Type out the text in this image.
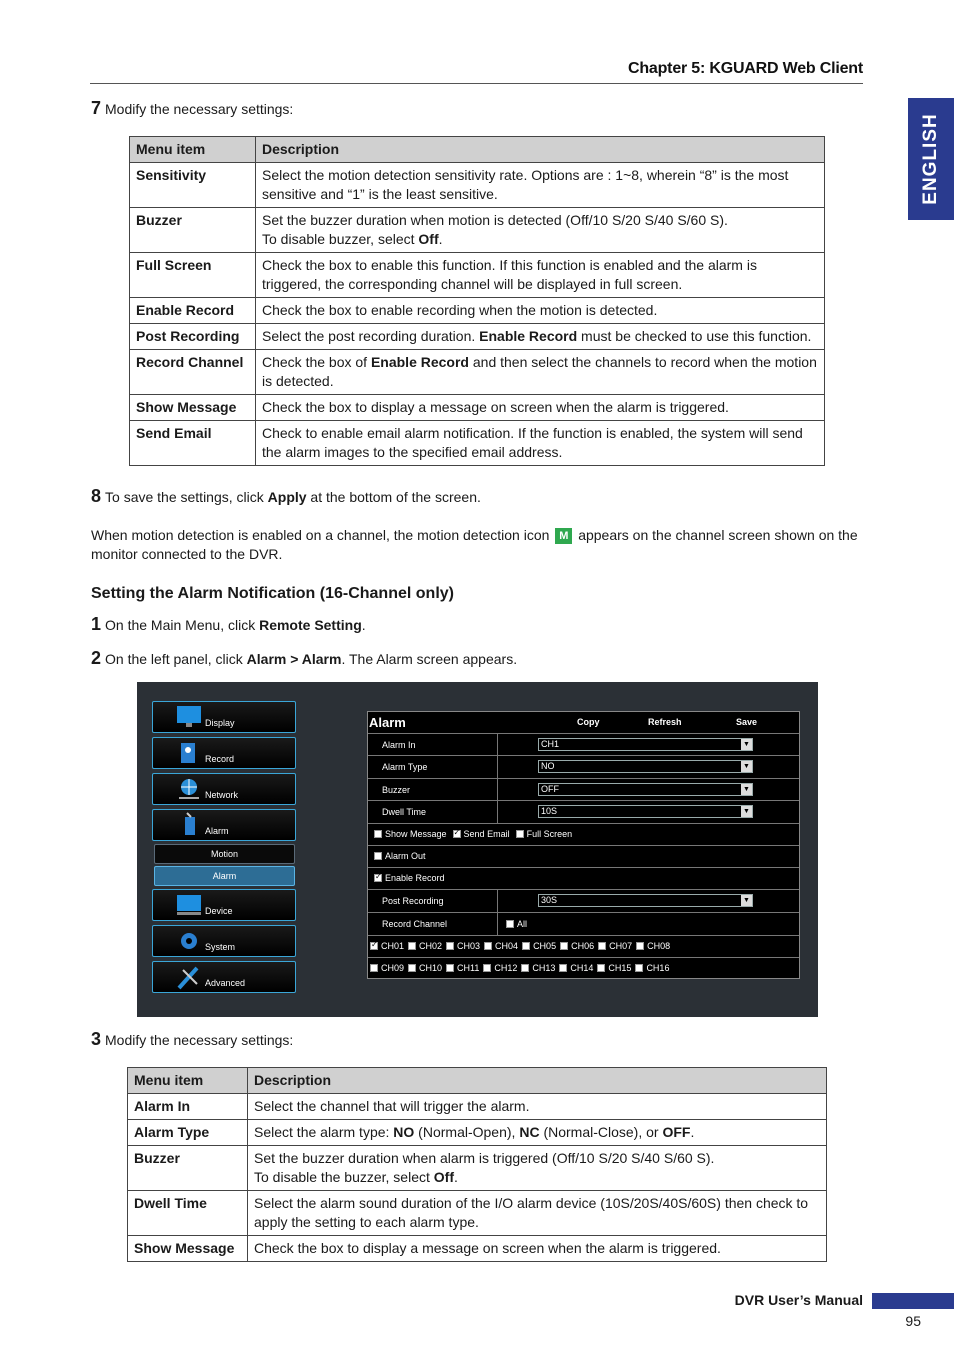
Chapter 5: KGUARD Web Client
ENGLISH
7 Modify the necessary settings:
Menu item	Description
Sensitivity	Select the motion detection sensitivity rate. Options are : 1~8, wherein “8” is the most sensitive and “1” is the least sensitive.
Buzzer	Set the buzzer duration when motion is detected (Off/10 S/20 S/40 S/60 S).
To disable buzzer, select Off.
Full Screen	Check the box to enable this function. If this function is enabled and the alarm is triggered, the corresponding channel will be displayed in full screen.
Enable Record	Check the box to enable recording when the motion is detected.
Post Recording	Select the post recording duration. Enable Record must be checked to use this function.
Record Channel	Check the box of Enable Record and then select the channels to record when the motion is detected.
Show Message	Check the box to display a message on screen when the alarm is triggered.
Send Email	Check to enable email alarm notification. If the function is enabled, the system will send the alarm images to the specified email address.
8 To save the settings, click Apply at the bottom of the screen.
When motion detection is enabled on a channel, the motion detection icon M appears on the channel screen shown on the monitor connected to the DVR.
Setting the Alarm Notification (16-Channel only)
1 On the Main Menu, click Remote Setting.
2 On the left panel, click Alarm > Alarm. The Alarm screen appears.
Display
Record
Network
Alarm
Motion
Alarm
Device
System
Advanced
Alarm	Copy	Refresh	Save
Alarm In	CH1 ▼
Alarm Type	NO ▼
Buzzer	OFF ▼
Dwell Time	10S ▼
Show Message ✓	Send Email	Full Screen
Alarm Out
✓Enable Record
Post Recording	30S ▼
Record Channel	All
✓CH01	CH02	CH03	CH04	CH05	CH06	CH07	CH08
CH09	CH10	CH11	CH12	CH13	CH14	CH15	CH16
3 Modify the necessary settings:
Menu item	Description
Alarm In	Select the channel that will trigger the alarm.
Alarm Type	Select the alarm type: NO (Normal-Open), NC (Normal-Close), or OFF.
Buzzer	Set the buzzer duration when alarm is triggered (Off/10 S/20 S/40 S/60 S).
To disable the buzzer, select Off.
Dwell Time	Select the alarm sound duration of the I/O alarm device (10S/20S/40S/60S) then check to apply the setting to each alarm type.
Show Message	Check the box to display a message on screen when the alarm is triggered.
DVR User’s Manual
95
